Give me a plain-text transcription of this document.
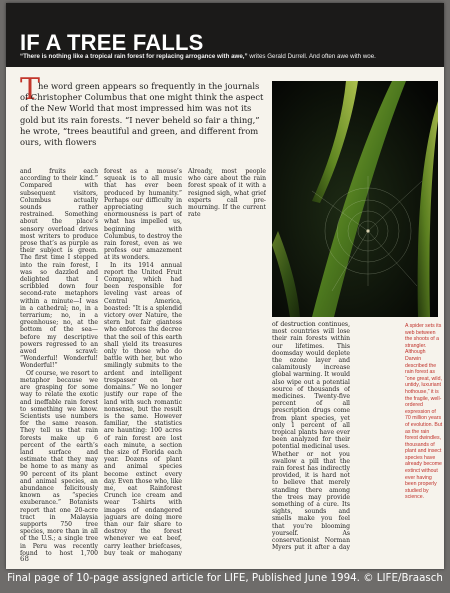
IF A TREE FALLS
“There is nothing like a tropical rain forest for replacing arrogance with awe,” writes Gerald Durrell. And often awe with woe.
T
he word green appears so frequently in the journals of Christopher Columbus that one might think the aspect of the New World that most impressed him was not its gold but its rain forests. “I never beheld so fair a thing,” he wrote, “trees beautiful and green, and different from ours, with flowers

and fruits each according to their kind.” Compared with subsequent visitors, Columbus actually sounds rather restrained. Something about the place’s sensory overload drives most writers to produce prose that’s as purple as their subject is green. The first time I stepped into the rain forest, I was so dazzled and delighted that I scribbled down four second-rate metaphors within a minute—I was in a cathedral; no, in a terrarium; no, in a greenhouse; no, at the bottom of the sea—before my descriptive powers regressed to an awed scrawl: “Wonderful! Wonderful! Wonderful!”

Of course, we resort to metaphor because we are grasping for some way to relate the exotic and ineffable rain forest to something we know. Scientists use numbers for the same reason. They tell us that rain forests make up 6 percent of the earth’s land surface and estimate that they may be home to as many as 90 percent of its plant and animal species, an abundance felicitously known as “species exuberance.” Botanists report that one 20-acre tract in Malaysia supports 750 tree species, more than in all of the U.S.; a single tree in Peru was recently found to host 1,700

forest as a mouse’s squeak is to all music that has ever been produced by humanity.” Perhaps our difficulty in appreciating such enormousness is part of what has impelled us, beginning with Columbus, to destroy the rain forest, even as we profess our amazement at its wonders.

In its 1914 annual report the United Fruit Company, which had been responsible for leveling vast areas of Central America, boasted: “It is a splendid victory over Nature, the stern but fair giantess who enforces the decree that the soil of this earth shall yield its treasures only to those who do battle with her, but who smilingly submits to the ardent and intelligent trespasser on her domains.” We no longer justify our rape of the land with such romantic nonsense, but the result is the same. However familiar, the statistics are haunting: 100 acres of rain forest are lost each minute, a section the size of Florida each year. Dozens of plant and animal species become extinct every day. Even those who, like me, eat Rainforest Crunch ice cream and wear T-shirts with images of endangered jaguars are doing more than our fair share to destroy the forest whenever we eat beef, carry leather briefcases, buy teak or mahogany

Already, most people who care about the rain forest speak of it with a resigned sigh, what grief experts call pre-mourning. If the current rate

of destruction continues, most countries will lose their rain forests within our lifetimes. This doomsday would deplete the ozone layer and calamitously increase global warming. It would also wipe out a potential source of thousands of medicines. Twenty-five percent of all prescription drugs come from plant species, yet only 1 percent of all tropical plants have ever been analyzed for their potential medicinal uses. Whether or not you swallow a pill that the rain forest has indirectly provided, it is hard not to believe that merely standing there among the trees may provide something of a cure. Its sights, sounds and smells make you feel that you’re blooming yourself. As conservationist Norman Myers put it after a day

A spider sets its web between the shoots of a strangler. Although Darwin described the rain forest as “one great, wild, untidy, luxuriant hothouse,” it is the fragile, well-ordered expression of 70 million years of evolution. But as the rain forest dwindles, thousands of plant and insect species have already become extinct without ever having been properly studied by science.
68
Final page of 10-page assigned article for LIFE, Published June 1994. © LIFE/Braasch
